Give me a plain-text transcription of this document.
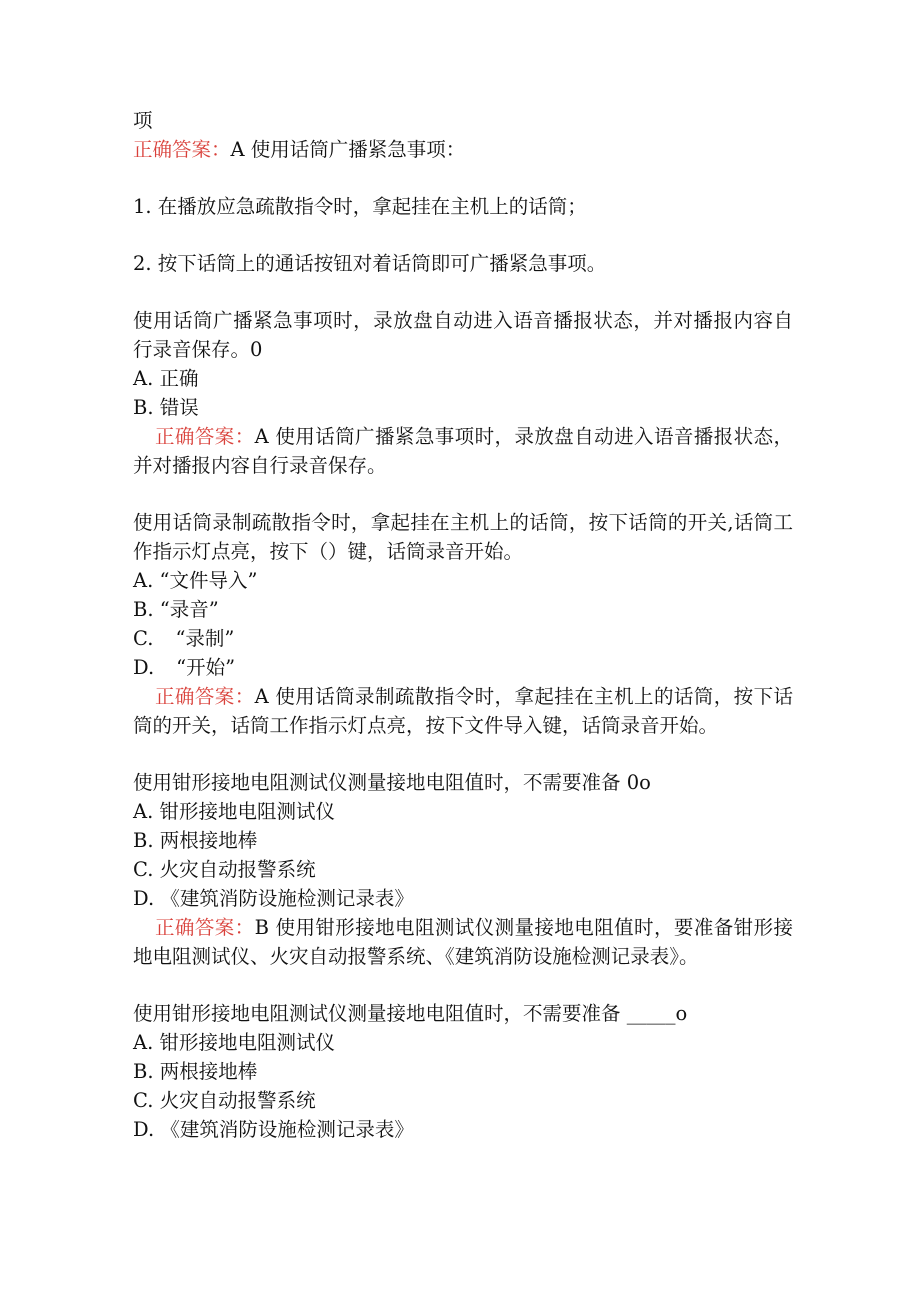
项

正确答案：A 使用话筒广播紧急事项：

1. 在播放应急疏散指令时，拿起挂在主机上的话筒；

2. 按下话筒上的通话按钮对着话筒即可广播紧急事项。

使用话筒广播紧急事项时，录放盘自动进入语音播报状态，并对播报内容自行录音保存。0

A. 正确

B. 错误

正确答案：A 使用话筒广播紧急事项时，录放盘自动进入语音播报状态，并对播报内容自行录音保存。

使用话筒录制疏散指令时，拿起挂在主机上的话筒，按下话筒的开关,话筒工作指示灯点亮，按下（）键，话筒录音开始。

A. “文件导入”

B. “录音”

C. “录制”

D. “开始”

正确答案：A 使用话筒录制疏散指令时，拿起挂在主机上的话筒，按下话筒的开关，话筒工作指示灯点亮，按下文件导入键，话筒录音开始。

使用钳形接地电阻测试仪测量接地电阻值时，不需要准备 0o

A. 钳形接地电阻测试仪

B. 两根接地棒

C. 火灾自动报警系统

D. 《建筑消防设施检测记录表》

正确答案：B 使用钳形接地电阻测试仪测量接地电阻值时，要准备钳形接地电阻测试仪、火灾自动报警系统、《建筑消防设施检测记录表》。

使用钳形接地电阻测试仪测量接地电阻值时，不需要准备 _____o

A. 钳形接地电阻测试仪

B. 两根接地棒

C. 火灾自动报警系统

D. 《建筑消防设施检测记录表》
